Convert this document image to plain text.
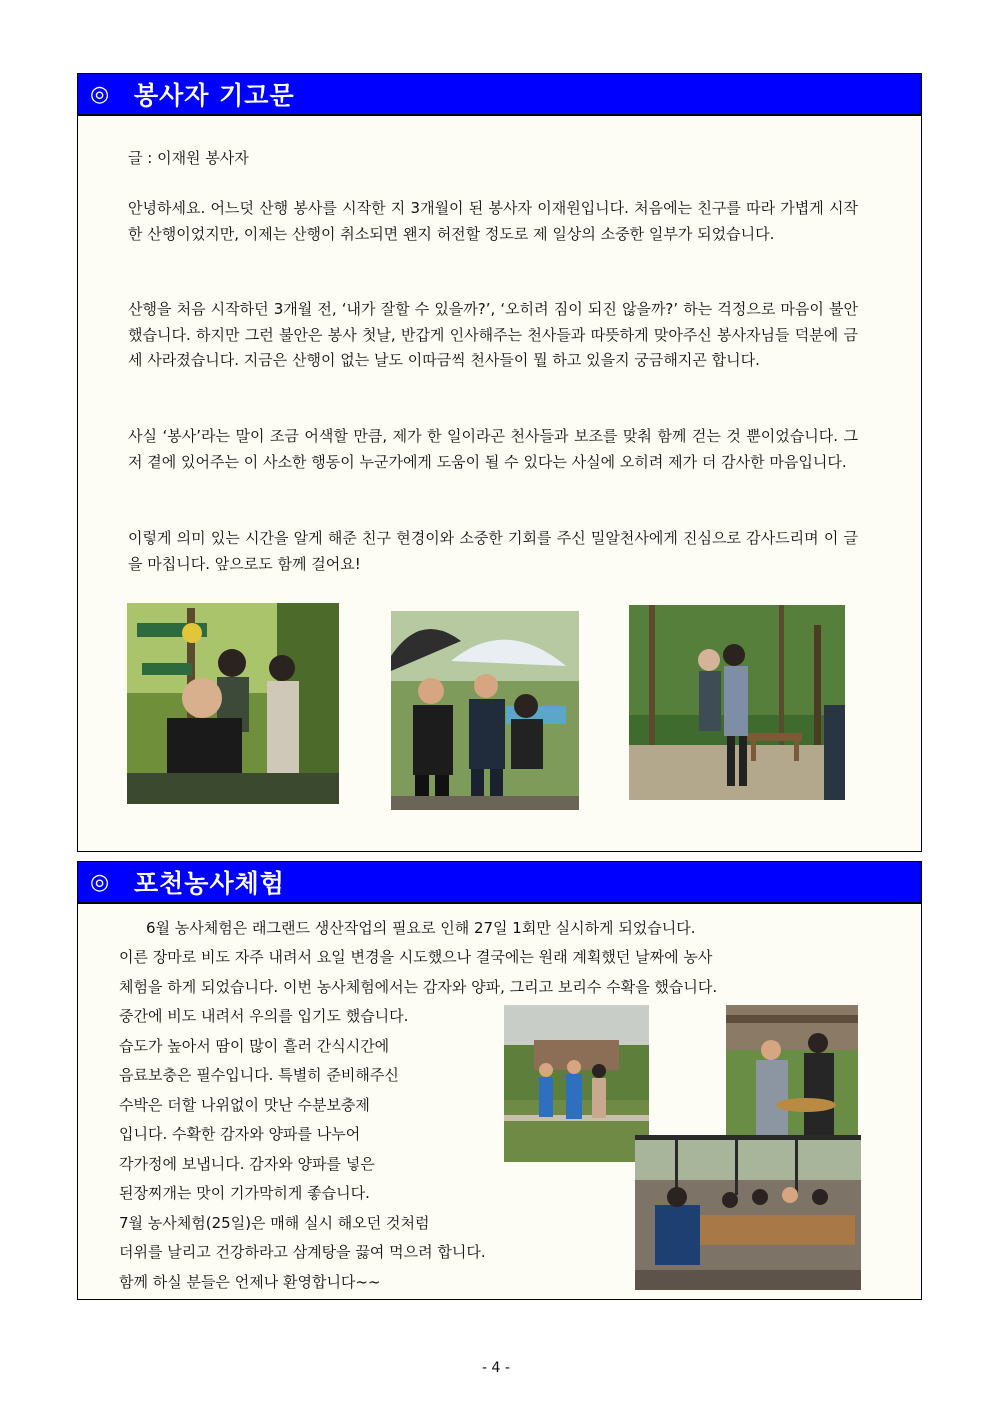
◎ 봉사자 기고문

글 : 이재원 봉사자

안녕하세요. 어느덧 산행 봉사를 시작한 지 3개월이 된 봉사자 이재원입니다. 처음에는 친구를 따라 가볍게 시작한 산행이었지만, 이제는 산행이 취소되면 왠지 허전할 정도로 제 일상의 소중한 일부가 되었습니다.

산행을 처음 시작하던 3개월 전, ‘내가 잘할 수 있을까?’, ‘오히려 짐이 되진 않을까?’ 하는 걱정으로 마음이 불안했습니다. 하지만 그런 불안은 봉사 첫날, 반갑게 인사해주는 천사들과 따뜻하게 맞아주신 봉사자님들 덕분에 금세 사라졌습니다. 지금은 산행이 없는 날도 이따금씩 천사들이 뭘 하고 있을지 궁금해지곤 합니다.

사실 ‘봉사’라는 말이 조금 어색할 만큼, 제가 한 일이라곤 천사들과 보조를 맞춰 함께 걷는 것 뿐이었습니다. 그저 곁에 있어주는 이 사소한 행동이 누군가에게 도움이 될 수 있다는 사실에 오히려 제가 더 감사한 마음입니다.

이렇게 의미 있는 시간을 알게 해준 친구 현경이와 소중한 기회를 주신 밀알천사에게 진심으로 감사드리며 이 글을 마칩니다. 앞으로도 함께 걸어요!

◎ 포천농사체험

6월 농사체험은 래그랜드 생산작업의 필요로 인해 27일 1회만 실시하게 되었습니다.

이른 장마로 비도 자주 내려서 요일 변경을 시도했으나 결국에는 원래 계획했던 날짜에 농사

체험을 하게 되었습니다. 이번 농사체험에서는 감자와 양파, 그리고 보리수 수확을 했습니다.

중간에 비도 내려서 우의를 입기도 했습니다.

습도가 높아서 땀이 많이 흘러 간식시간에

음료보충은 필수입니다. 특별히 준비해주신

수박은 더할 나위없이 맛난 수분보충제

입니다. 수확한 감자와 양파를 나누어

각가정에 보냅니다. 감자와 양파를 넣은

된장찌개는 맛이 기가막히게 좋습니다.

7월 농사체험(25일)은 매해 실시 해오던 것처럼

더위를 날리고 건강하라고 삼계탕을 끓여 먹으려 합니다.

함께 하실 분들은 언제나 환영합니다~~

- 4 -
